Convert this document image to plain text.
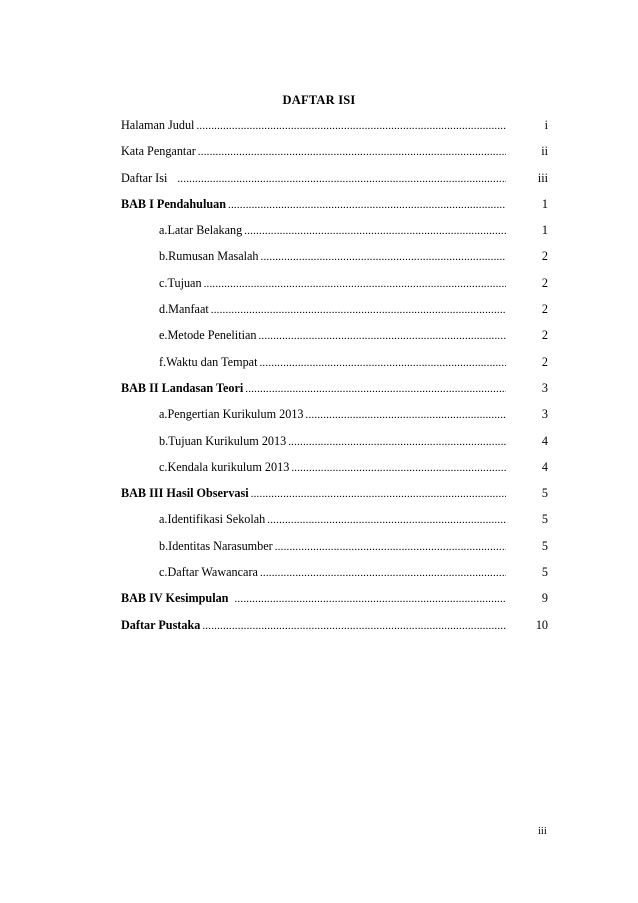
DAFTAR ISI
Halaman Judul .....	i
Kata Pengantar .....	ii
Daftar Isi .....	iii
BAB I Pendahuluan .....	1
a.Latar Belakang .....	1
b.Rumusan Masalah .....	2
c.Tujuan .....	2
d.Manfaat .....	2
e.Metode Penelitian .....	2
f.Waktu dan Tempat .....	2
BAB II Landasan Teori .....	3
a.Pengertian Kurikulum 2013 .....	3
b.Tujuan Kurikulum 2013 .....	4
c.Kendala kurikulum 2013 .....	4
BAB III Hasil Observasi .....	5
a.Identifikasi Sekolah .....	5
b.Identitas Narasumber .....	5
c.Daftar Wawancara .....	5
BAB IV Kesimpulan .....	9
Daftar Pustaka .....	10
iii
